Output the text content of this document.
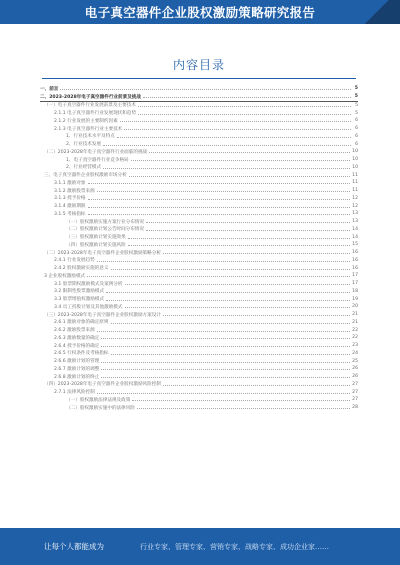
电子真空器件企业股权激励策略研究报告
内容目录
一、前言	5
二、2023-2028年电子真空器件行业前景及挑战	5
（一）电子真空器件行业发展前景及主要技术	5
2.1.1 电子真空器件行业发展现状和趋势	5
2.1.2 行业发展的主要制约因素	6
2.1.3 电子真空器件行业主要技术	6
1、行业技术水平及特点	6
2、行业技术发展	6
（二）2023-2028年电子真空器件行业面临的挑战	10
1、电子真空器件行业竞争格局	10
2、行业经营模式	10
三、电子真空器件企业股权激励市场分析	11
3.1.1 激励对象	11
3.1.2 激励股票来源	11
3.1.3 授予价格	12
3.1.4 激励期限	12
3.1.5 考核指标	13
（一）股权激励实施方案行业分布情况	13
（二）股权激励计划公告时间分布情况	14
（三）股权激励计划实施效果	14
（四）股权激励计划实施风险	15
（二）2023-2028年电子真空器件企业股权激励策略分析	16
2.4.1 行业发展趋势	16
2.4.2 股权激励实施的意义	16
3 企业股权激励模式	17
3.1 股票期权激励模式及案例分析	17
3.2 限制性股票激励模式	18
3.3 股票增值权激励模式	19
3.4 员工持股计划及其他激励模式	20
（三）2023-2028年电子真空器件企业股权激励方案设计	21
2.6.1 激励对象的确定原则	21
2.6.2 激励股票来源	22
2.6.3 激励数量的确定	22
2.6.4 授予价格的确定	23
2.6.5 行权条件及考核指标	24
2.6.6 激励计划的管理	25
2.6.7 激励计划的调整	26
2.6.8 激励计划的终止	26
（四）2023-2028年电子真空器件企业股权激励风险控制	27
2.7.1 法律风险控制	27
（一）股权激励法律法规及政策	27
（二）股权激励实施中的法律风险	28
让每个人都能成为	行业专家、管理专家、营销专家、战略专家、成功企业家……
